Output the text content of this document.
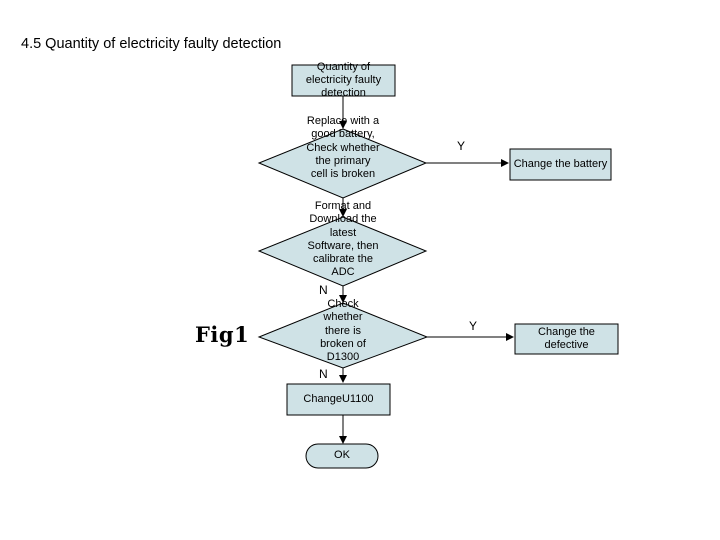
4.5 Quantity of electricity faulty detection
Quantity of electricity faulty detection
Replace with a good battery, Check whether the primary cell is broken
Change the battery
Format and Download the latest Software, then calibrate the ADC
Check whether there is broken of D1300
Change the defective
ChangeU1100
OK
Y
N
Y
N
Fig1
